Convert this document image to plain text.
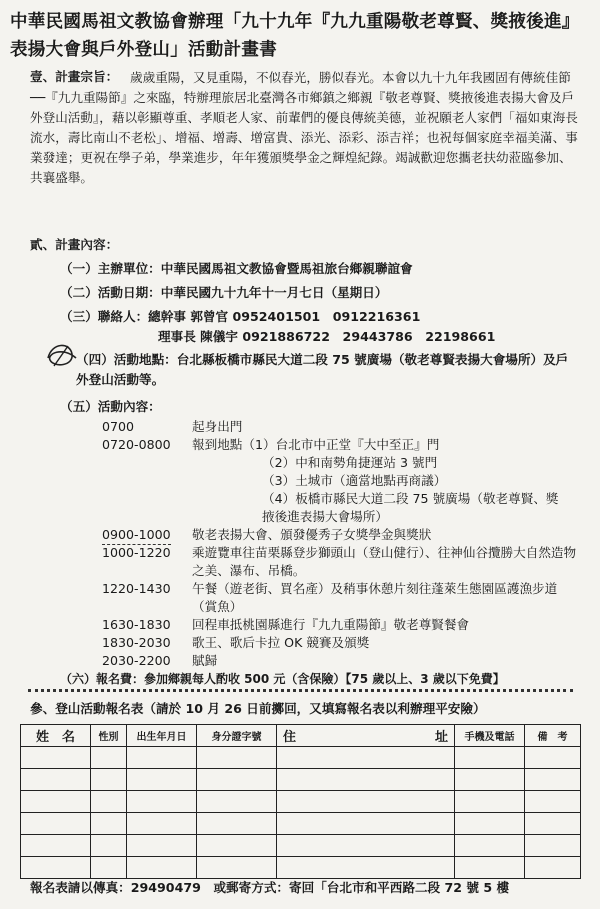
中華民國馬祖文教協會辦理「九十九年『九九重陽敬老尊賢、獎掖後進』表揚大會與戶外登山」活動計畫書
壹、計畫宗旨： 歲歲重陽，又見重陽，不似春光，勝似春光。本會以九十九年我國固有傳統佳節──『九九重陽節』之來臨，特辦理旅居北臺灣各市鄉鎮之鄉親『敬老尊賢、獎掖後進表揚大會及戶外登山活動』，藉以彰顯尊重、孝順老人家、前輩們的優良傳統美德，並祝願老人家們「福如東海長流水，壽比南山不老松」、增福、增壽、增富貴、添光、添彩、添吉祥；也祝每個家庭幸福美滿、事業發達；更祝在學子弟，學業進步，年年獲頒獎學金之輝煌紀錄。竭誠歡迎您攜老扶幼蒞臨參加、共襄盛舉。
貳、計畫內容：
（一）主辦單位：中華民國馬祖文教協會暨馬祖旅台鄉親聯誼會
（二）活動日期：中華民國九十九年十一月七日（星期日）
（三）聯絡人：總幹事 郭曾官 0952401501　0912216361
理事長 陳儀宇 0921886722　29443786　22198661
（四）活動地點：台北縣板橋市縣民大道二段 75 號廣場（敬老尊賢表揚大會場所）及戶外登山活動等。
（五）活動內容：
0700	起身出門
0720-0800 報到地點（1）台北市中正堂『大中至正』門
（2）中和南勢角捷運站 3 號門
（3）土城市（適當地點再商議）
（4）板橋市縣民大道二段 75 號廣場（敬老尊賢、獎掖後進表揚大會場所）
0900-1000 敬老表揚大會、頒發優秀子女獎學金與獎狀
1000-1220 乘遊覽車往苗栗縣登步獅頭山（登山健行）、往神仙谷攬勝大自然造物之美、瀑布、吊橋。
1220-1430 午餐（遊老街、買名產）及稍事休憩片刻往蓬萊生態園區護漁步道（賞魚）
1630-1830 回程車抵桃園縣進行『九九重陽節』敬老尊賢餐會
1830-2030 歌王、歌后卡拉 OK 競賽及頒獎
2030-2200 賦歸
（六）報名費：參加鄉親每人酌收 500 元（含保險）【75 歲以上、3 歲以下免費】
參、登山活動報名表（請於 10 月 26 日前擲回，又填寫報名表以利辦理平安險）
姓　名	性別	出生年月日	身分證字號	住	址	手機及電話	備　考

報名表請以傳真：29490479　或郵寄方式：寄回「台北市和平西路二段 72 號 5 樓
